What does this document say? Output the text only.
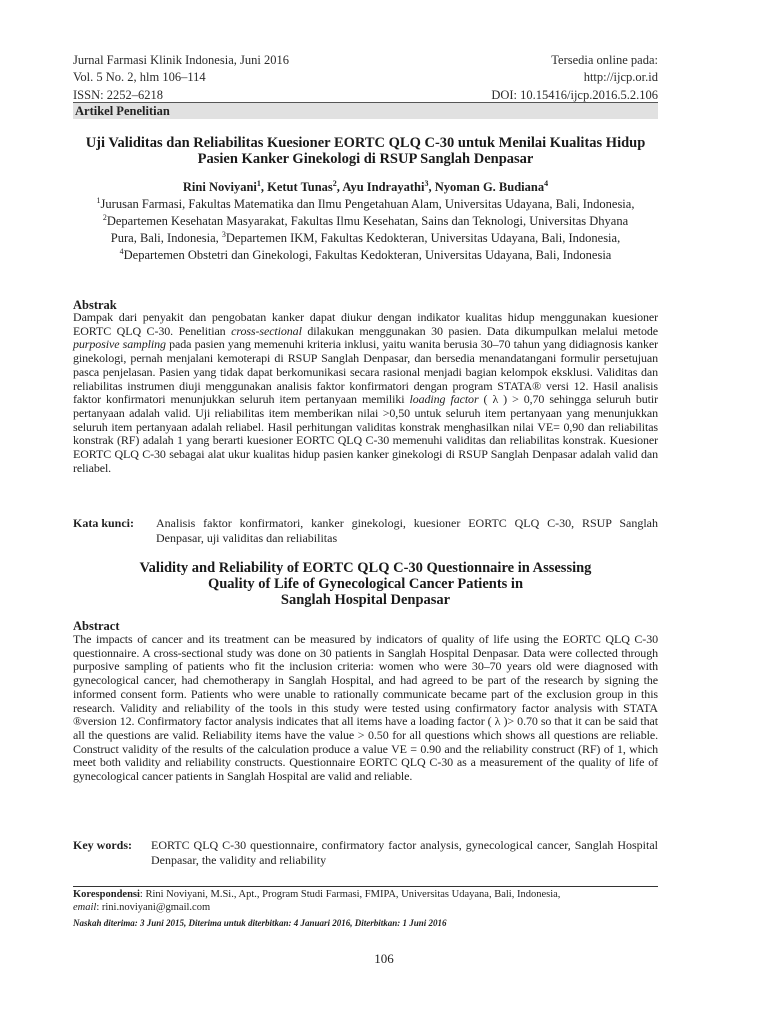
Jurnal Farmasi Klinik Indonesia, Juni 2016	Tersedia online pada:
Vol. 5 No. 2, hlm 106–114	http://ijcp.or.id
ISSN: 2252–6218	DOI: 10.15416/ijcp.2016.5.2.106
Artikel Penelitian
Uji Validitas dan Reliabilitas Kuesioner EORTC QLQ C-30 untuk Menilai Kualitas Hidup Pasien Kanker Ginekologi di RSUP Sanglah Denpasar
Rini Noviyani$^1$, Ketut Tunas$^2$, Ayu Indrayathi$^3$, Nyoman G. Budiana$^4$
$^1$Jurusan Farmasi, Fakultas Matematika dan Ilmu Pengetahuan Alam, Universitas Udayana, Bali, Indonesia, $^2$Departemen Kesehatan Masyarakat, Fakultas Ilmu Kesehatan, Sains dan Teknologi, Universitas Dhyana Pura, Bali, Indonesia, $^3$Departemen IKM, Fakultas Kedokteran, Universitas Udayana, Bali, Indonesia, $^4$Departemen Obstetri dan Ginekologi, Fakultas Kedokteran, Universitas Udayana, Bali, Indonesia
Abstrak
Dampak dari penyakit dan pengobatan kanker dapat diukur dengan indikator kualitas hidup menggunakan kuesioner EORTC QLQ C-30. Penelitian cross-sectional dilakukan menggunakan 30 pasien. Data dikumpulkan melalui metode purposive sampling pada pasien yang memenuhi kriteria inklusi, yaitu wanita berusia 30–70 tahun yang didiagnosis kanker ginekologi, pernah menjalani kemoterapi di RSUP Sanglah Denpasar, dan bersedia menandatangani formulir persetujuan pasca penjelasan. Pasien yang tidak dapat berkomunikasi secara rasional menjadi bagian kelompok eksklusi. Validitas dan reliabilitas instrumen diuji menggunakan analisis faktor konfirmatori dengan program STATA® versi 12. Hasil analisis faktor konfirmatori menunjukkan seluruh item pertanyaan memiliki loading factor ( λ ) > 0,70 sehingga seluruh butir pertanyaan adalah valid. Uji reliabilitas item memberikan nilai >0,50 untuk seluruh item pertanyaan yang menunjukkan seluruh item pertanyaan adalah reliabel. Hasil perhitungan validitas konstrak menghasilkan nilai VE= 0,90 dan reliabilitas konstrak (RF) adalah 1 yang berarti kuesioner EORTC QLQ C-30 memenuhi validitas dan reliabilitas konstrak. Kuesioner EORTC QLQ C-30 sebagai alat ukur kualitas hidup pasien kanker ginekologi di RSUP Sanglah Denpasar adalah valid dan reliabel.
Kata kunci:	Analisis faktor konfirmatori, kanker ginekologi, kuesioner EORTC QLQ C-30, RSUP Sanglah Denpasar, uji validitas dan reliabilitas
Validity and Reliability of EORTC QLQ C-30 Questionnaire in Assessing
Quality of Life of Gynecological Cancer Patients in
Sanglah Hospital Denpasar
Abstract
The impacts of cancer and its treatment can be measured by indicators of quality of life using the EORTC QLQ C-30 questionnaire. A cross-sectional study was done on 30 patients in Sanglah Hospital Denpasar. Data were collected through purposive sampling of patients who fit the inclusion criteria: women who were 30–70 years old were diagnosed with gynecological cancer, had chemotherapy in Sanglah Hospital, and had agreed to be part of the research by signing the informed consent form. Patients who were unable to rationally communicate became part of the exclusion group in this research. Validity and reliability of the tools in this study were tested using confirmatory factor analysis with STATA ®version 12. Confirmatory factor analysis indicates that all items have a loading factor ( λ )> 0.70 so that it can be said that all the questions are valid. Reliability items have the value > 0.50 for all questions which shows all questions are reliable. Construct validity of the results of the calculation produce a value VE = 0.90 and the reliability construct (RF) of 1, which meet both validity and reliability constructs. Questionnaire EORTC QLQ C-30 as a measurement of the quality of life of gynecological cancer patients in Sanglah Hospital are valid and reliable.
Key words:	EORTC QLQ C-30 questionnaire, confirmatory factor analysis, gynecological cancer, Sanglah Hospital Denpasar, the validity and reliability
Korespondensi: Rini Noviyani, M.Si., Apt., Program Studi Farmasi, FMIPA, Universitas Udayana, Bali, Indonesia,
email: rini.noviyani@gmail.com
Naskah diterima: 3 Juni 2015, Diterima untuk diterbitkan: 4 Januari 2016, Diterbitkan: 1 Juni 2016
106
